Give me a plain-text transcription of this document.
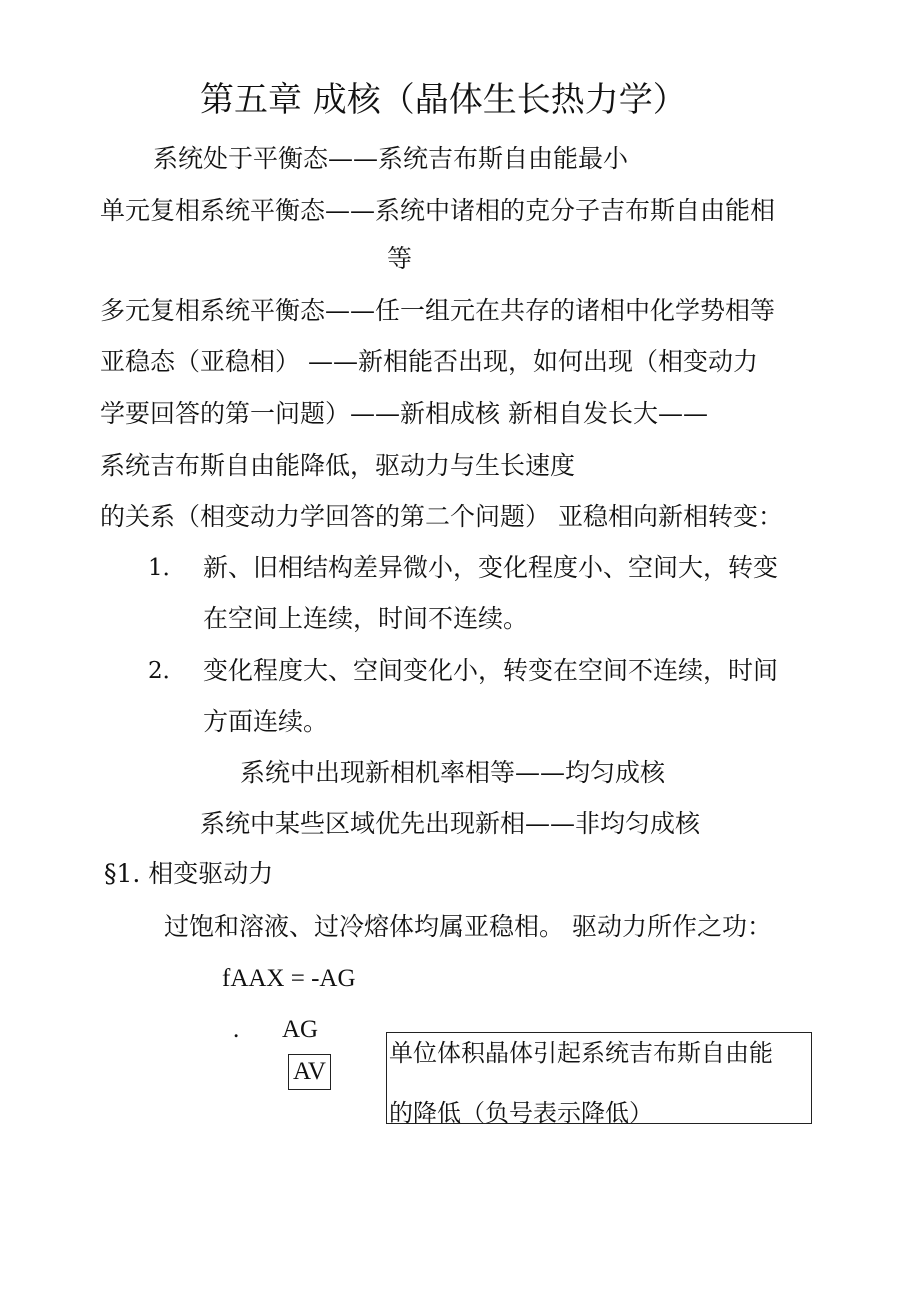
第五章 成核（晶体生长热力学）
系统处于平衡态——系统吉布斯自由能最小
单元复相系统平衡态——系统中诸相的克分子吉布斯自由能相
等
多元复相系统平衡态——任一组元在共存的诸相中化学势相等
亚稳态（亚稳相） ——新相能否出现，如何出现（相变动力
学要回答的第一问题）——新相成核 新相自发长大——
系统吉布斯自由能降低，驱动力与生长速度
的关系（相变动力学回答的第二个问题） 亚稳相向新相转变：
1． 新、旧相结构差异微小，变化程度小、空间大，转变
在空间上连续，时间不连续。
2． 变化程度大、空间变化小，转变在空间不连续，时间
方面连续。
系统中出现新相机率相等——均匀成核
系统中某些区域优先出现新相——非均匀成核
§1. 相变驱动力
过饱和溶液、过冷熔体均属亚稳相。 驱动力所作之功：
fAAX = -AG
. AG
AV
单位体积晶体引起系统吉布斯自由能
的降低（负号表示降低）
